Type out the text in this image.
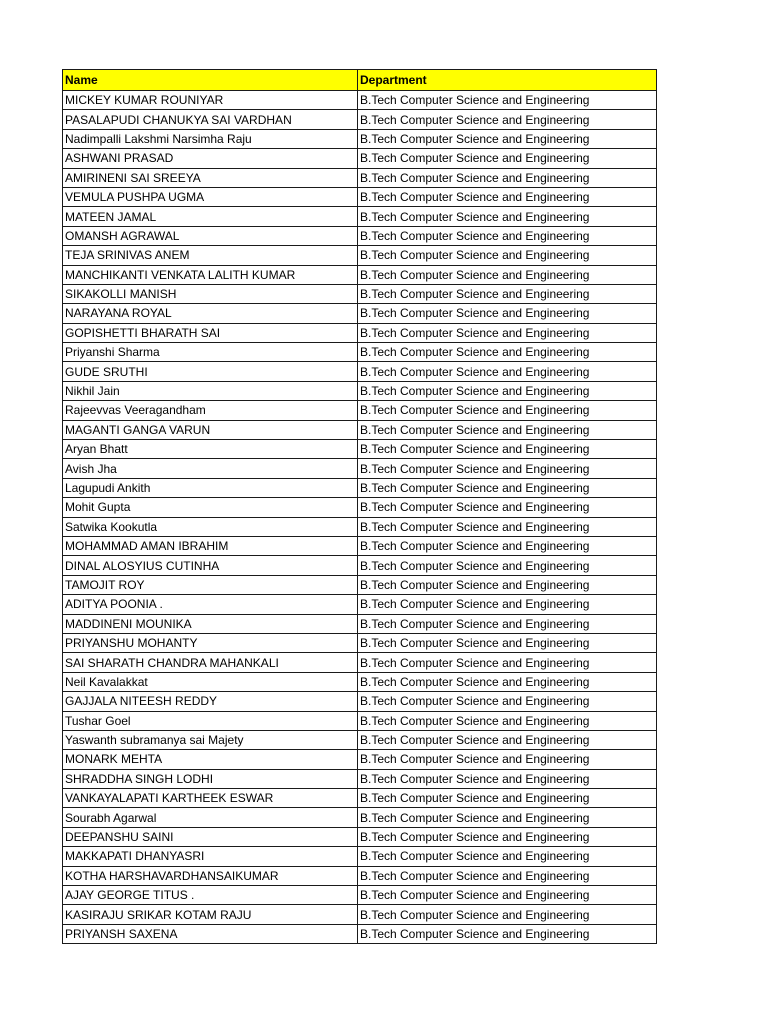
Name	Department
MICKEY KUMAR ROUNIYAR	B.Tech Computer Science and Engineering
PASALAPUDI CHANUKYA SAI VARDHAN	B.Tech Computer Science and Engineering
Nadimpalli Lakshmi Narsimha Raju	B.Tech Computer Science and Engineering
ASHWANI PRASAD	B.Tech Computer Science and Engineering
AMIRINENI SAI SREEYA	B.Tech Computer Science and Engineering
VEMULA PUSHPA UGMA	B.Tech Computer Science and Engineering
MATEEN JAMAL	B.Tech Computer Science and Engineering
OMANSH AGRAWAL	B.Tech Computer Science and Engineering
TEJA SRINIVAS ANEM	B.Tech Computer Science and Engineering
MANCHIKANTI VENKATA LALITH KUMAR	B.Tech Computer Science and Engineering
SIKAKOLLI MANISH	B.Tech Computer Science and Engineering
NARAYANA ROYAL	B.Tech Computer Science and Engineering
GOPISHETTI BHARATH SAI	B.Tech Computer Science and Engineering
Priyanshi Sharma	B.Tech Computer Science and Engineering
GUDE SRUTHI	B.Tech Computer Science and Engineering
Nikhil Jain	B.Tech Computer Science and Engineering
Rajeevvas Veeragandham	B.Tech Computer Science and Engineering
MAGANTI GANGA VARUN	B.Tech Computer Science and Engineering
Aryan Bhatt	B.Tech Computer Science and Engineering
Avish Jha	B.Tech Computer Science and Engineering
Lagupudi Ankith	B.Tech Computer Science and Engineering
Mohit Gupta	B.Tech Computer Science and Engineering
Satwika Kookutla	B.Tech Computer Science and Engineering
MOHAMMAD AMAN IBRAHIM	B.Tech Computer Science and Engineering
DINAL ALOSYIUS CUTINHA	B.Tech Computer Science and Engineering
TAMOJIT ROY	B.Tech Computer Science and Engineering
ADITYA POONIA .	B.Tech Computer Science and Engineering
MADDINENI MOUNIKA	B.Tech Computer Science and Engineering
PRIYANSHU MOHANTY	B.Tech Computer Science and Engineering
SAI SHARATH CHANDRA MAHANKALI	B.Tech Computer Science and Engineering
Neil Kavalakkat	B.Tech Computer Science and Engineering
GAJJALA NITEESH REDDY	B.Tech Computer Science and Engineering
Tushar Goel	B.Tech Computer Science and Engineering
Yaswanth subramanya sai Majety	B.Tech Computer Science and Engineering
MONARK MEHTA	B.Tech Computer Science and Engineering
SHRADDHA SINGH LODHI	B.Tech Computer Science and Engineering
VANKAYALAPATI KARTHEEK ESWAR	B.Tech Computer Science and Engineering
Sourabh Agarwal	B.Tech Computer Science and Engineering
DEEPANSHU SAINI	B.Tech Computer Science and Engineering
MAKKAPATI DHANYASRI	B.Tech Computer Science and Engineering
KOTHA HARSHAVARDHANSAIKUMAR	B.Tech Computer Science and Engineering
AJAY GEORGE TITUS .	B.Tech Computer Science and Engineering
KASIRAJU SRIKAR KOTAM RAJU	B.Tech Computer Science and Engineering
PRIYANSH SAXENA	B.Tech Computer Science and Engineering
